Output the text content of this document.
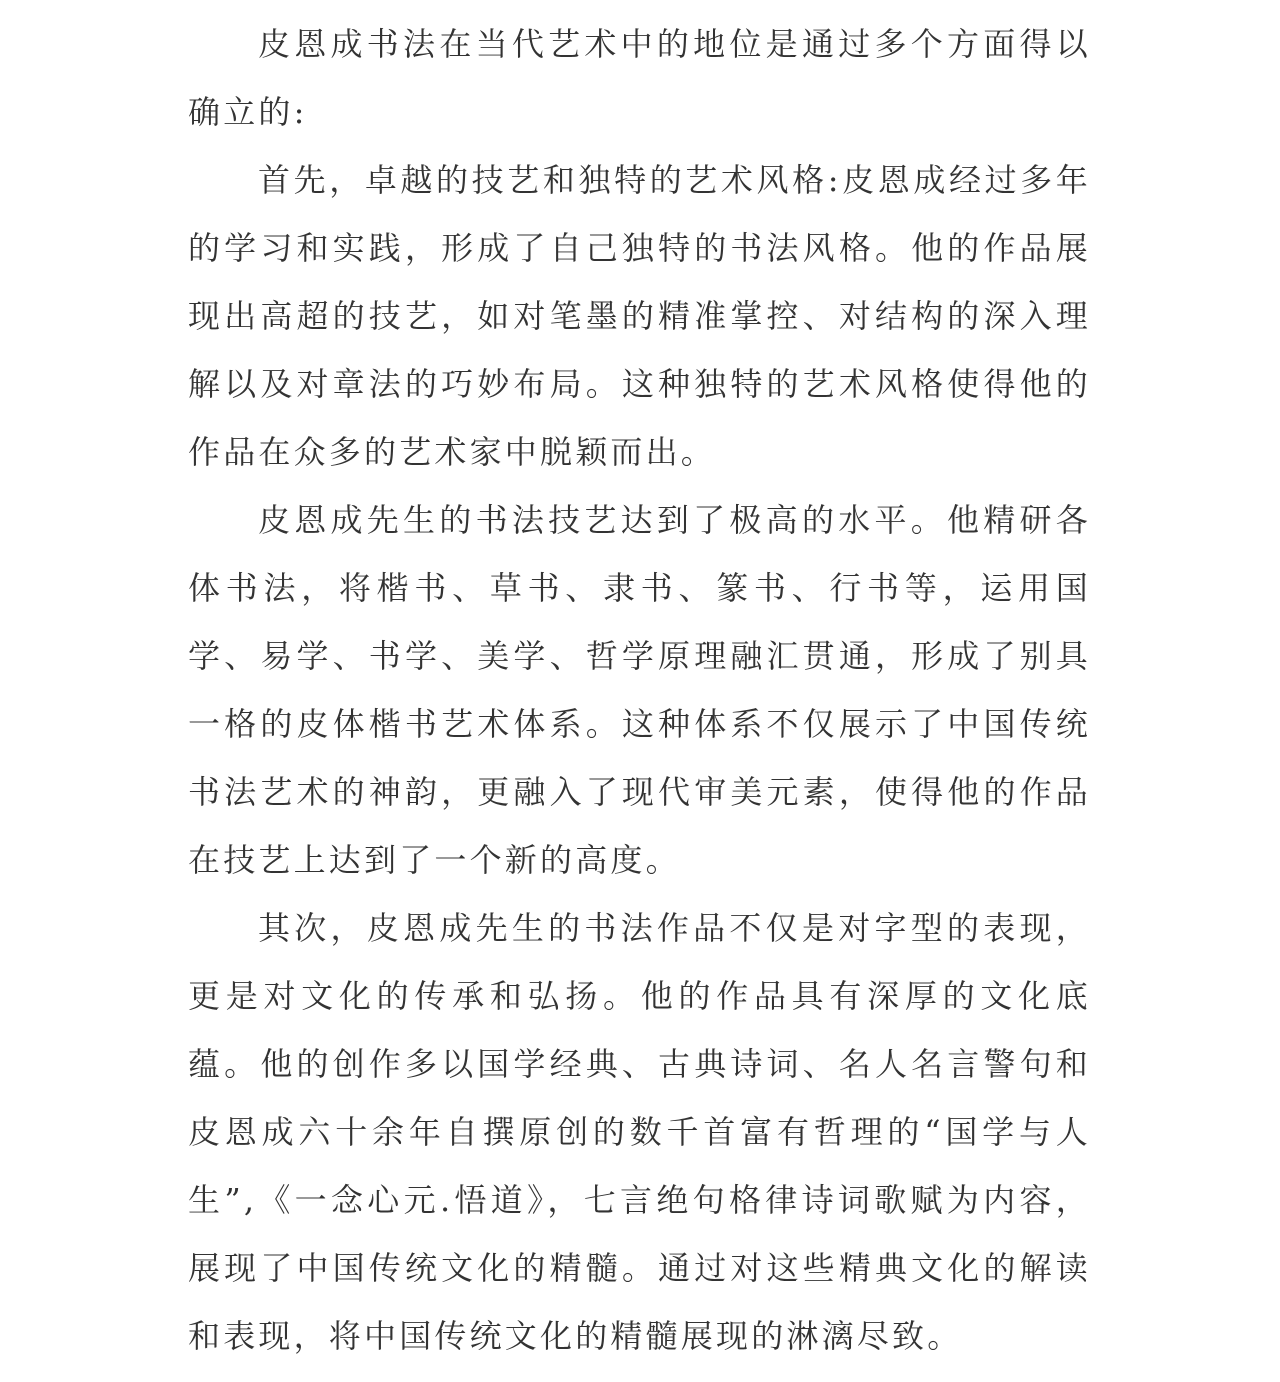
皮恩成书法在当代艺术中的地位是通过多个方面得以确立的:

首先，卓越的技艺和独特的艺术风格:皮恩成经过多年的学习和实践，形成了自己独特的书法风格。他的作品展现出高超的技艺，如对笔墨的精准掌控、对结构的深入理解以及对章法的巧妙布局。这种独特的艺术风格使得他的作品在众多的艺术家中脱颖而出。

皮恩成先生的书法技艺达到了极高的水平。他精研各体书法，将楷书、草书、隶书、篆书、行书等，运用国学、易学、书学、美学、哲学原理融汇贯通，形成了别具一格的皮体楷书艺术体系。这种体系不仅展示了中国传统书法艺术的神韵，更融入了现代审美元素，使得他的作品在技艺上达到了一个新的高度。

其次，皮恩成先生的书法作品不仅是对字型的表现，更是对文化的传承和弘扬。他的作品具有深厚的文化底蕴。他的创作多以国学经典、古典诗词、名人名言警句和皮恩成六十余年自撰原创的数千首富有哲理的“国学与人生”,《一念心元.悟道》，七言绝句格律诗词歌赋为内容，展现了中国传统文化的精髓。通过对这些精典文化的解读和表现，将中国传统文化的精髓展现的淋漓尽致。
